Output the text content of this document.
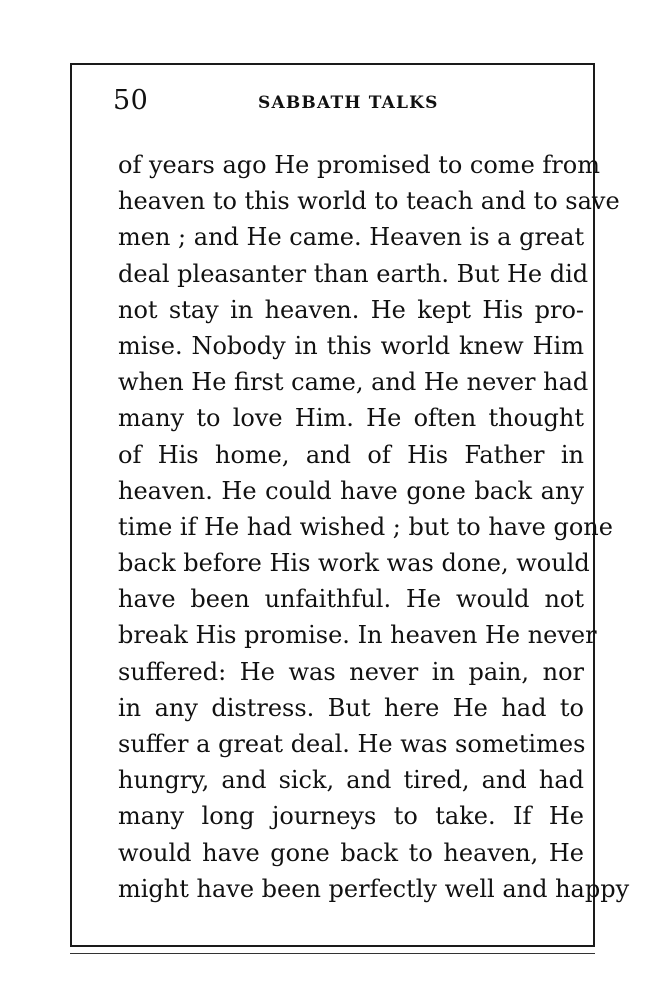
50	SABBATH TALKS
of years ago He promised to come from
heaven to this world to teach and to save
men ; and He came. Heaven is a great
deal pleasanter than earth. But He did
not stay in heaven. He kept His pro-
mise. Nobody in this world knew Him
when He first came, and He never had
many to love Him. He often thought
of His home, and of His Father in
heaven. He could have gone back any
time if He had wished ; but to have gone
back before His work was done, would
have been unfaithful. He would not
break His promise. In heaven He never
suffered: He was never in pain, nor
in any distress. But here He had to
suffer a great deal. He was sometimes
hungry, and sick, and tired, and had
many long journeys to take. If He
would have gone back to heaven, He
might have been perfectly well and happy
